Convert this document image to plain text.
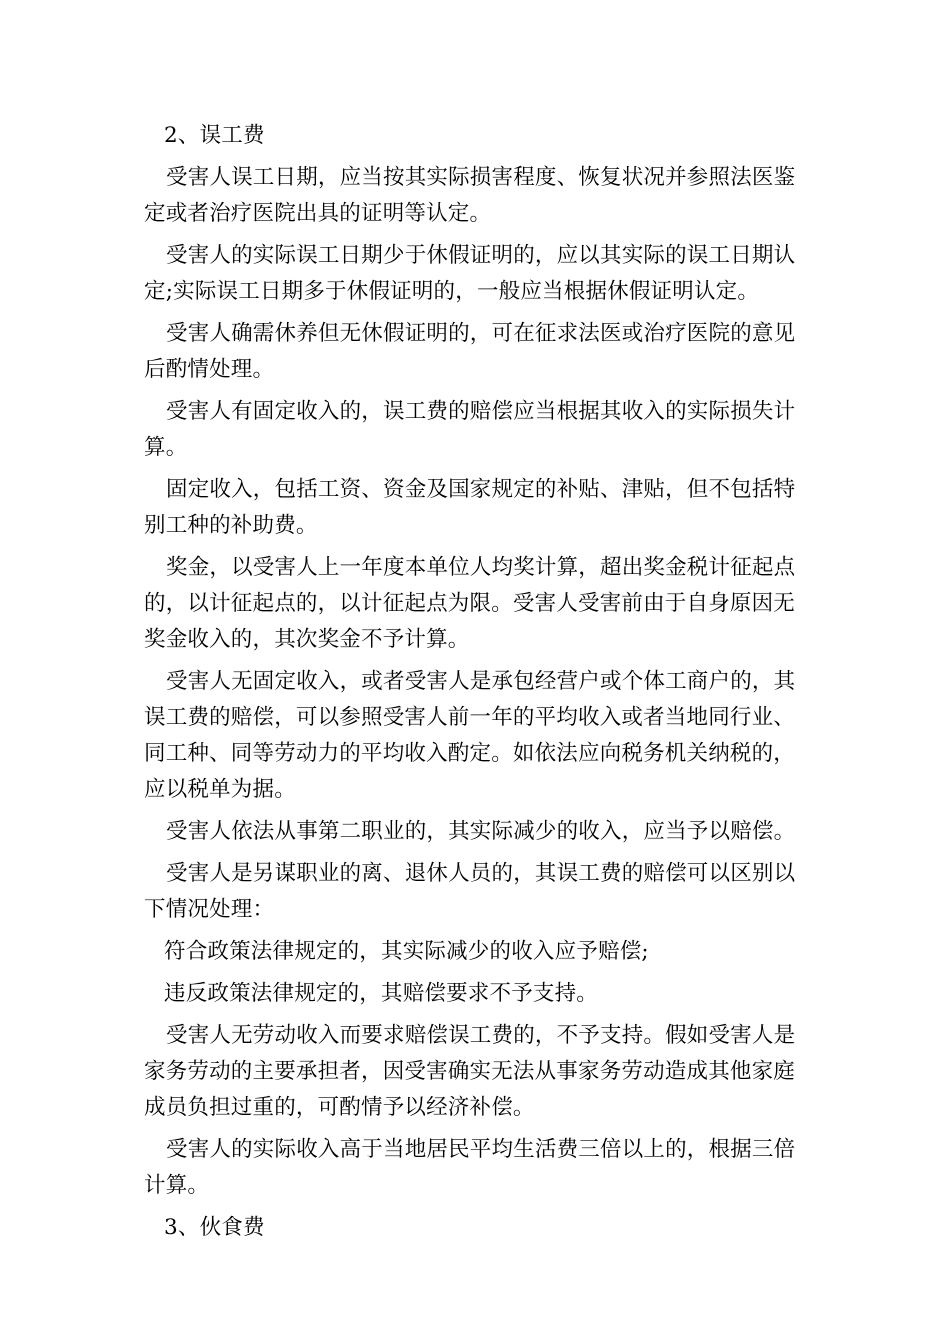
2、误工费

受害人误工日期，应当按其实际损害程度、恢复状况并参照法医鉴定或者治疗医院出具的证明等认定。

受害人的实际误工日期少于休假证明的，应以其实际的误工日期认定;实际误工日期多于休假证明的，一般应当根据休假证明认定。

受害人确需休养但无休假证明的，可在征求法医或治疗医院的意见后酌情处理。

受害人有固定收入的，误工费的赔偿应当根据其收入的实际损失计算。

固定收入，包括工资、资金及国家规定的补贴、津贴，但不包括特别工种的补助费。

奖金，以受害人上一年度本单位人均奖计算，超出奖金税计征起点的，以计征起点的，以计征起点为限。受害人受害前由于自身原因无奖金收入的，其次奖金不予计算。

受害人无固定收入，或者受害人是承包经营户或个体工商户的，其误工费的赔偿，可以参照受害人前一年的平均收入或者当地同行业、同工种、同等劳动力的平均收入酌定。如依法应向税务机关纳税的，应以税单为据。

受害人依法从事第二职业的，其实际减少的收入，应当予以赔偿。

受害人是另谋职业的离、退休人员的，其误工费的赔偿可以区别以下情况处理：

符合政策法律规定的，其实际减少的收入应予赔偿;

违反政策法律规定的，其赔偿要求不予支持。

受害人无劳动收入而要求赔偿误工费的，不予支持。假如受害人是家务劳动的主要承担者，因受害确实无法从事家务劳动造成其他家庭成员负担过重的，可酌情予以经济补偿。

受害人的实际收入高于当地居民平均生活费三倍以上的，根据三倍计算。

3、伙食费
